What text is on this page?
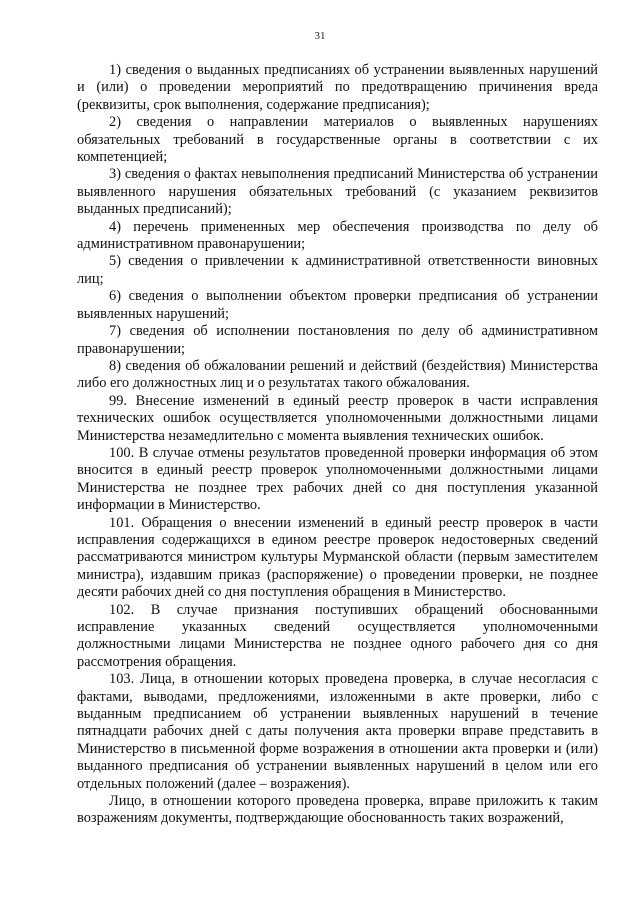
31

1) сведения о выданных предписаниях об устранении выявленных нарушений и (или) о проведении мероприятий по предотвращению причинения вреда (реквизиты, срок выполнения, содержание предписания);

2) сведения о направлении материалов о выявленных нарушениях обязательных требований в государственные органы в соответствии с их компетенцией;

3) сведения о фактах невыполнения предписаний Министерства об устранении выявленного нарушения обязательных требований (с указанием реквизитов выданных предписаний);

4) перечень примененных мер обеспечения производства по делу об административном правонарушении;

5) сведения о привлечении к административной ответственности виновных лиц;

6) сведения о выполнении объектом проверки предписания об устранении выявленных нарушений;

7) сведения об исполнении постановления по делу об административном правонарушении;

8) сведения об обжаловании решений и действий (бездействия) Министерства либо его должностных лиц и о результатах такого обжалования.

99. Внесение изменений в единый реестр проверок в части исправления технических ошибок осуществляется уполномоченными должностными лицами Министерства незамедлительно с момента выявления технических ошибок.

100. В случае отмены результатов проведенной проверки информация об этом вносится в единый реестр проверок уполномоченными должностными лицами Министерства не позднее трех рабочих дней со дня поступления указанной информации в Министерство.

101. Обращения о внесении изменений в единый реестр проверок в части исправления содержащихся в едином реестре проверок недостоверных сведений рассматриваются министром культуры Мурманской области (первым заместителем министра), издавшим приказ (распоряжение) о проведении проверки, не позднее десяти рабочих дней со дня поступления обращения в Министерство.

102. В случае признания поступивших обращений обоснованными исправление указанных сведений осуществляется уполномоченными должностными лицами Министерства не позднее одного рабочего дня со дня рассмотрения обращения.

103. Лица, в отношении которых проведена проверка, в случае несогласия с фактами, выводами, предложениями, изложенными в акте проверки, либо с выданным предписанием об устранении выявленных нарушений в течение пятнадцати рабочих дней с даты получения акта проверки вправе представить в Министерство в письменной форме возражения в отношении акта проверки и (или) выданного предписания об устранении выявленных нарушений в целом или его отдельных положений (далее – возражения).

Лицо, в отношении которого проведена проверка, вправе приложить к таким возражениям документы, подтверждающие обоснованность таких возражений,
